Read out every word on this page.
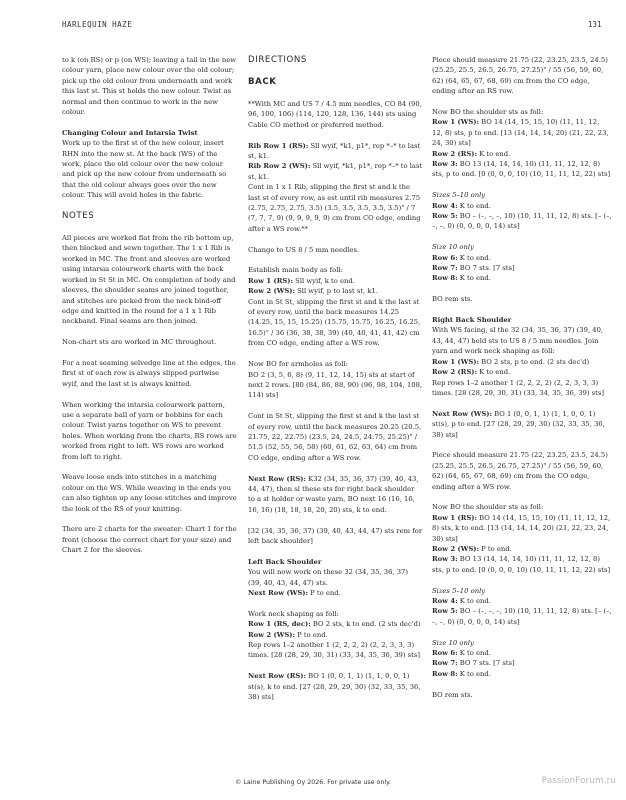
HARLEQUIN HAZE	131
to k (on RS) or p (on WS); leaving a tail in the new colour yarn, place new colour over the old colour; pick up the old colour from underneath and work this last st. This st holds the new colour. Twist as normal and then continue to work in the new colour.
Changing Colour and Intarsia Twist
Work up to the first st of the new colour, insert RHN into the new st. At the back (WS) of the work, place the old colour over the new colour and pick up the new colour from underneath so that the old colour always goes over the new colour. This will avoid holes in the fabric.
NOTES
All pieces are worked flat from the rib bottom up, then blocked and sewn together. The 1 x 1 Rib is worked in MC. The front and sleeves are worked using intarsia colourwork charts with the back worked in St St in MC. On completion of body and sleeves, the shoulder seams are joined together, and stitches are picked from the neck bind-off edge and knitted in the round for a 1 x 1 Rib neckband. Final seams are then joined.
Non-chart sts are worked in MC throughout.
For a neat seaming selvedge line at the edges, the first st of each row is always slipped purlwise wyif, and the last st is always knitted.
When working the intarsia colourwork pattern, use a separate ball of yarn or bobbins for each colour. Twist yarns together on WS to prevent holes. When working from the charts, RS rows are worked from right to left. WS rows are worked from left to right.
Weave loose ends into stitches in a matching colour on the WS. While weaving in the ends you can also tighten up any loose stitches and improve the look of the RS of your knitting.
There are 2 charts for the sweater: Chart 1 for the front (choose the correct chart for your size) and Chart 2 for the sleeves.
DIRECTIONS
BACK
**With MC and US 7 / 4.5 mm needles, CO 84 (90, 96, 100, 106) (114, 120, 128, 136, 144) sts using Cable CO method or preferred method.
Rib Row 1 (RS): Sll wyif, *k1, p1*, rep *–* to last st, k1.
Rib Row 2 (WS): Sll wyif, *k1, p1*, rep *–* to last st, k1.
Cont in 1 x 1 Rib, slipping the first st and k the last st of every row, as est until rib measures 2.75 (2.75, 2.75, 2.75, 3.5) (3.5, 3.5, 3.5, 3.5, 3.5)" / 7 (7, 7, 7, 9) (9, 9, 9, 9, 9) cm from CO edge, ending after a WS row.**
Change to US 8 / 5 mm needles.
Establish main body as foll:
Row 1 (RS): Sll wyif, k to end.
Row 2 (WS): Sll wyif, p to last st, k1.
Cont in St St, slipping the first st and k the last st of every row, until the back measures 14.25 (14.25, 15, 15, 15.25) (15.75, 15.75, 16.25, 16.25, 16.5)" / 36 (36, 38, 38, 39) (40, 40, 41, 41, 42) cm from CO edge, ending after a WS row.
Now BO for armholes as foll:
BO 2 (3, 5, 6, 8) (9, 11, 12, 14, 15) sts at start of next 2 rows. [80 (84, 86, 88, 90) (96, 98, 104, 108, 114) sts]
Cont in St St, slipping the first st and k the last st of every row, until the back measures 20.25 (20.5, 21.75, 22, 22.75) (23.5, 24, 24.5, 24.75, 25.25)" / 51.5 (52, 55, 56, 58) (60, 61, 62, 63, 64) cm from CO edge, ending after a WS row.
Next Row (RS): K32 (34, 35, 36, 37) (39, 40, 43, 44, 47), then sl these sts for right back shoulder to a st holder or waste yarn, BO next 16 (16, 16, 16, 16) (18, 18, 18, 20, 20) sts, k to end.
[32 (34, 35, 36, 37) (39, 40, 43, 44, 47) sts rem for left back shoulder]
Left Back Shoulder
You will now work on these 32 (34, 35, 36, 37) (39, 40, 43, 44, 47) sts.
Next Row (WS): P to end.
Work neck shaping as foll:
Row 1 (RS, dec): BO 2 sts, k to end. (2 sts dec'd)
Row 2 (WS): P to end.
Rep rows 1–2 another 1 (2, 2, 2, 2) (2, 2, 3, 3, 3) times. [28 (28, 29, 30, 31) (33, 34, 35, 36, 39) sts]
Next Row (RS): BO 1 (0, 0, 1, 1) (1, 1, 0, 0, 1) st(s), k to end. [27 (28, 29, 29, 30) (32, 33, 35, 36, 38) sts]
Piece should measure 21.75 (22, 23.25, 23.5, 24.5) (25.25, 25.5, 26.5, 26.75, 27.25)" / 55 (56, 59, 60, 62) (64, 65, 67, 68, 69) cm from the CO edge, ending after an RS row.
Now BO the shoulder sts as foll:
Row 1 (WS): BO 14 (14, 15, 15, 10) (11, 11, 12, 12, 8) sts, p to end. [13 (14, 14, 14, 20) (21, 22, 23, 24, 30) sts]
Row 2 (RS): K to end.
Row 3: BO 13 (14, 14, 14, 10) (11, 11, 12, 12, 8) sts, p to end. [0 (0, 0, 0, 10) (10, 11, 11, 12, 22) sts]
Sizes 5–10 only
Row 4: K to end.
Row 5: BO – (–, –, –, 10) (10, 11, 11, 12, 8) sts. [– (–, –, –, 0) (0, 0, 0, 0, 14) sts]
Size 10 only
Row 6: K to end.
Row 7: BO 7 sts. [7 sts]
Row 8: K to end.
BO rem sts.
Right Back Shoulder
With WS facing, sl the 32 (34, 35, 36, 37) (39, 40, 43, 44, 47) held sts to US 8 / 5 mm needles. Join yarn and work neck shaping as foll:
Row 1 (WS): BO 2 sts, p to end. (2 sts dec'd)
Row 2 (RS): K to end.
Rep rows 1–2 another 1 (2, 2, 2, 2) (2, 2, 3, 3, 3) times. [28 (28, 29, 30, 31) (33, 34, 35, 36, 39) sts]
Next Row (WS): BO 1 (0, 0, 1, 1) (1, 1, 0, 0, 1) st(s), p to end. [27 (28, 29, 29, 30) (32, 33, 35, 36, 38) sts]
Piece should measure 21.75 (22, 23.25, 23.5, 24.5) (25.25, 25.5, 26.5, 26.75, 27.25)" / 55 (56, 59, 60, 62) (64, 65, 67, 68, 69) cm from the CO edge, ending after a WS row.
Now BO the shoulder sts as foll:
Row 1 (RS): BO 14 (14, 15, 15, 10) (11, 11, 12, 12, 8) sts, k to end. [13 (14, 14, 14, 20) (21, 22, 23, 24, 30) sts]
Row 2 (WS): P to end.
Row 3: BO 13 (14, 14, 14, 10) (11, 11, 12, 12, 8) sts, p to end. [0 (0, 0, 0, 10) (10, 11, 11, 12, 22) sts]
Sizes 5–10 only
Row 4: K to end.
Row 5: BO – (–, –, –, 10) (10, 11, 11, 12, 8) sts. [– (–, –, –, 0) (0, 0, 0, 0, 14) sts]
Size 10 only
Row 6: K to end.
Row 7: BO 7 sts. [7 sts]
Row 8: K to end.
BO rem sts.
© Laine Publishing Oy 2026. For private use only.	PassionForum.ru
